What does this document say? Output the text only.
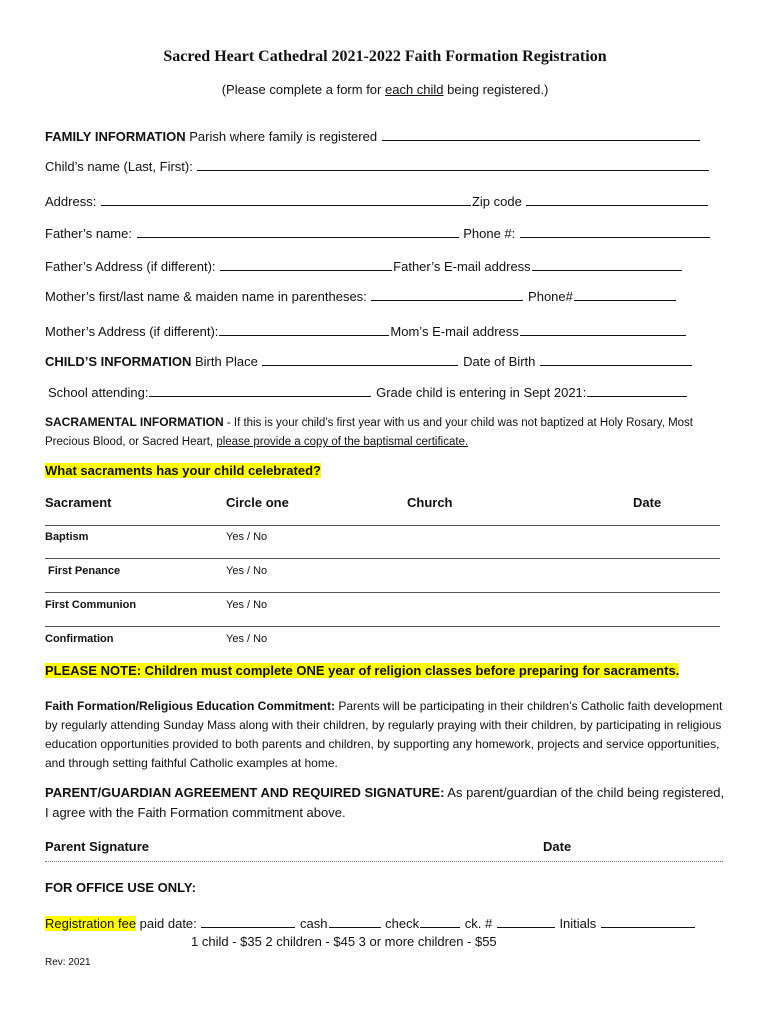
Sacred Heart Cathedral 2021-2022 Faith Formation Registration
(Please complete a form for each child being registered.)
FAMILY INFORMATION Parish where family is registered
Child’s name (Last, First):
Address:	Zip code
Father’s name:	Phone #:
Father’s Address (if different):	Father’s E-mail address
Mother’s first/last name & maiden name in parentheses:	Phone#
Mother’s Address (if different):	Mom’s E-mail address
CHILD’S INFORMATION Birth Place	Date of Birth
School attending:	Grade child is entering in Sept 2021:
SACRAMENTAL INFORMATION - If this is your child’s first year with us and your child was not baptized at Holy Rosary, Most Precious Blood, or Sacred Heart, please provide a copy of the baptismal certificate.
What sacraments has your child celebrated?
Sacrament	Circle one	Church	Date
Baptism	Yes / No
First Penance	Yes / No
First Communion	Yes / No
Confirmation	Yes / No
PLEASE NOTE: Children must complete ONE year of religion classes before preparing for sacraments.
Faith Formation/Religious Education Commitment: Parents will be participating in their children’s Catholic faith development by regularly attending Sunday Mass along with their children, by regularly praying with their children, by participating in religious education opportunities provided to both parents and children, by supporting any homework, projects and service opportunities, and through setting faithful Catholic examples at home.
PARENT/GUARDIAN AGREEMENT AND REQUIRED SIGNATURE: As parent/guardian of the child being registered, I agree with the Faith Formation commitment above.
Parent Signature	Date
FOR OFFICE USE ONLY:
Registration fee paid date:	cash	check	ck. #	Initials
1 child - $35 2 children - $45 3 or more children - $55
Rev: 2021
